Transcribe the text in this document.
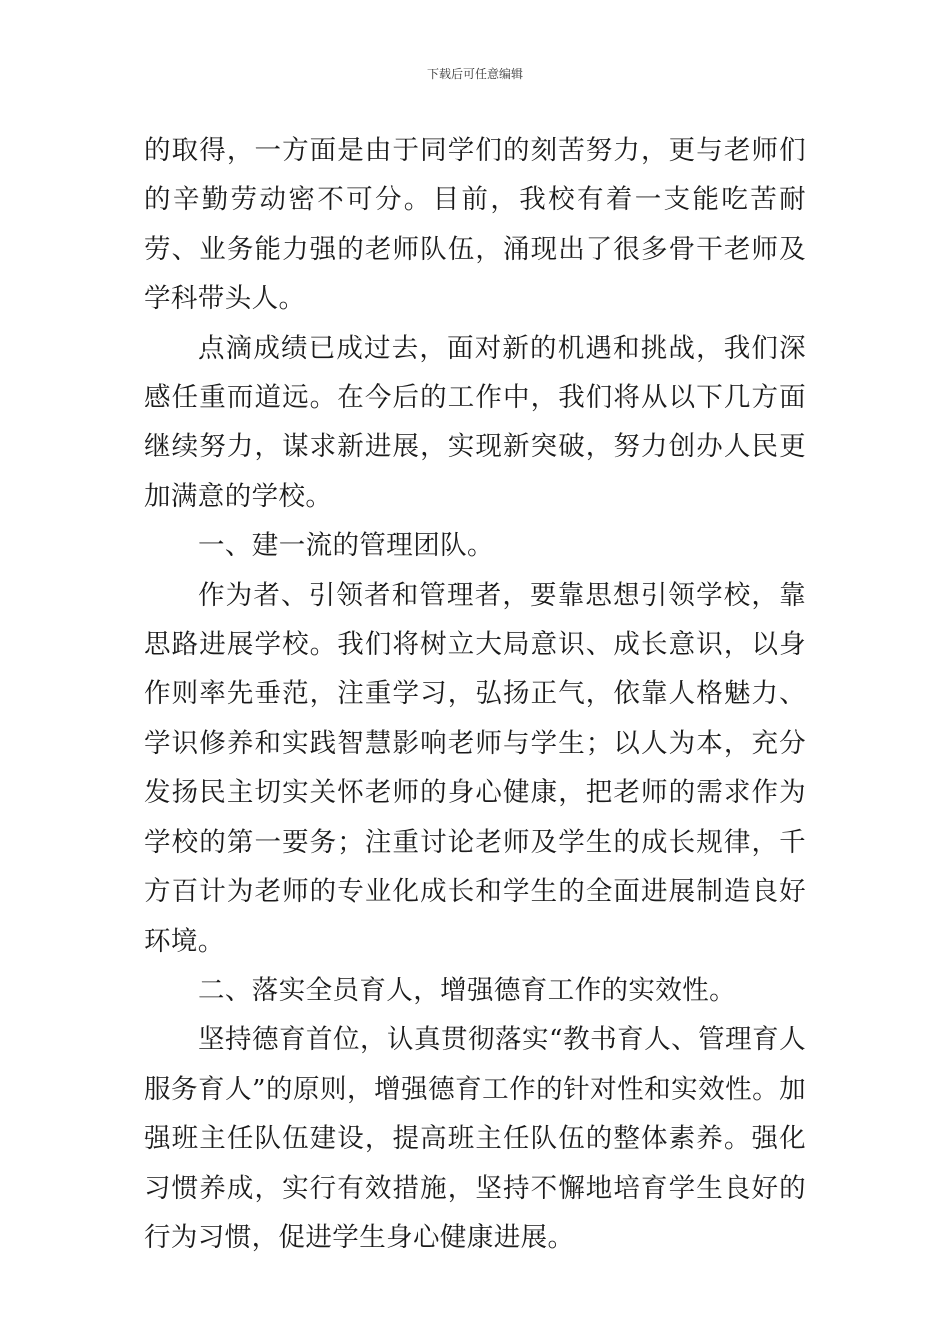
下载后可任意编辑

的取得，一方面是由于同学们的刻苦努力，更与老师们的辛勤劳动密不可分。目前，我校有着一支能吃苦耐劳、业务能力强的老师队伍，涌现出了很多骨干老师及学科带头人。

点滴成绩已成过去，面对新的机遇和挑战，我们深感任重而道远。在今后的工作中，我们将从以下几方面继续努力，谋求新进展，实现新突破，努力创办人民更加满意的学校。

一、建一流的管理团队。

作为者、引领者和管理者，要靠思想引领学校，靠思路进展学校。我们将树立大局意识、成长意识，以身作则率先垂范，注重学习，弘扬正气，依靠人格魅力、学识修养和实践智慧影响老师与学生；以人为本，充分发扬民主切实关怀老师的身心健康，把老师的需求作为学校的第一要务；注重讨论老师及学生的成长规律，千方百计为老师的专业化成长和学生的全面进展制造良好环境。

二、落实全员育人，增强德育工作的实效性。

坚持德育首位，认真贯彻落实“教书育人、管理育人服务育人”的原则，增强德育工作的针对性和实效性。加强班主任队伍建设，提高班主任队伍的整体素养。强化习惯养成，实行有效措施，坚持不懈地培育学生良好的行为习惯，促进学生身心健康进展。
